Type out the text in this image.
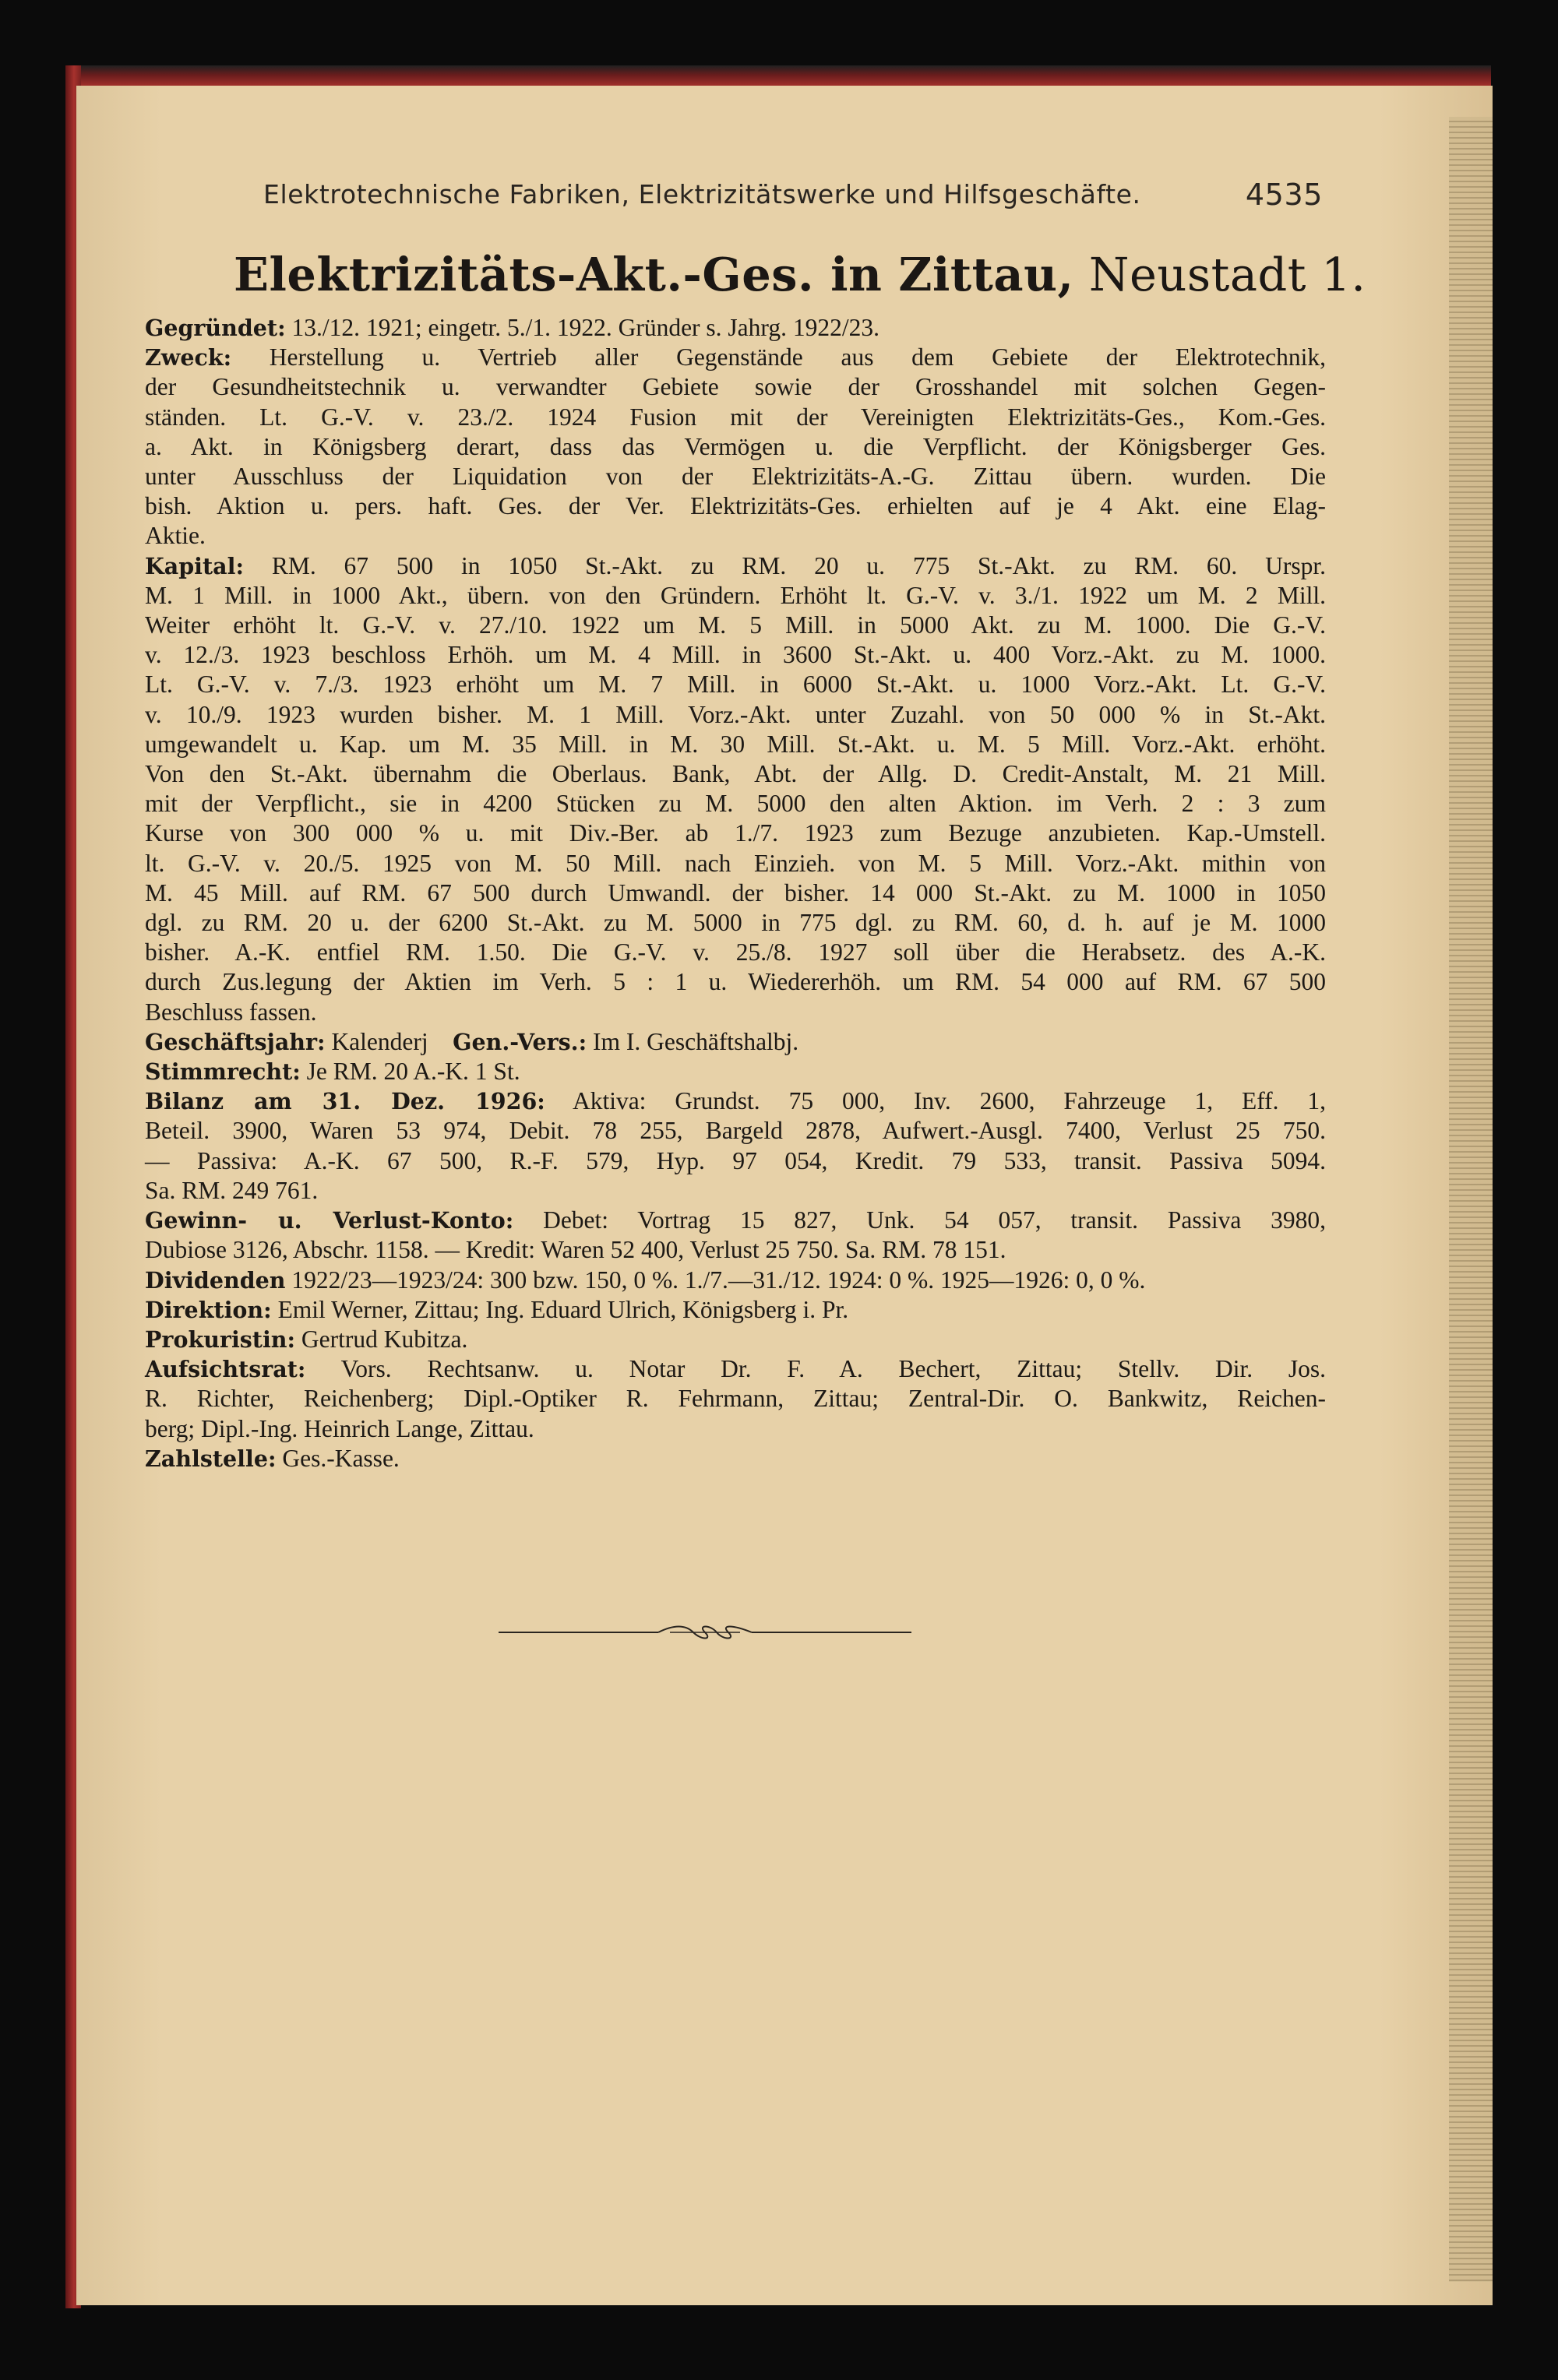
Elektrotechnische Fabriken, Elektrizitätswerke und Hilfsgeschäfte.	4535
Elektrizitäts-Akt.-Ges. in Zittau, Neustadt 1.
Gegründet: 13./12. 1921; eingetr. 5./1. 1922. Gründer s. Jahrg. 1922/23.
Zweck: Herstellung u. Vertrieb aller Gegenstände aus dem Gebiete der Elektrotechnik,
der Gesundheitstechnik u. verwandter Gebiete sowie der Grosshandel mit solchen Gegen-
ständen. Lt. G.-V. v. 23./2. 1924 Fusion mit der Vereinigten Elektrizitäts-Ges., Kom.-Ges.
a. Akt. in Königsberg derart, dass das Vermögen u. die Verpflicht. der Königsberger Ges.
unter Ausschluss der Liquidation von der Elektrizitäts-A.-G. Zittau übern. wurden. Die
bish. Aktion u. pers. haft. Ges. der Ver. Elektrizitäts-Ges. erhielten auf je 4 Akt. eine Elag-
Aktie.
Kapital: RM. 67 500 in 1050 St.-Akt. zu RM. 20 u. 775 St.-Akt. zu RM. 60. Urspr.
M. 1 Mill. in 1000 Akt., übern. von den Gründern. Erhöht lt. G.-V. v. 3./1. 1922 um M. 2 Mill.
Weiter erhöht lt. G.-V. v. 27./10. 1922 um M. 5 Mill. in 5000 Akt. zu M. 1000. Die G.-V.
v. 12./3. 1923 beschloss Erhöh. um M. 4 Mill. in 3600 St.-Akt. u. 400 Vorz.-Akt. zu M. 1000.
Lt. G.-V. v. 7./3. 1923 erhöht um M. 7 Mill. in 6000 St.-Akt. u. 1000 Vorz.-Akt. Lt. G.-V.
v. 10./9. 1923 wurden bisher. M. 1 Mill. Vorz.-Akt. unter Zuzahl. von 50 000 % in St.-Akt.
umgewandelt u. Kap. um M. 35 Mill. in M. 30 Mill. St.-Akt. u. M. 5 Mill. Vorz.-Akt. erhöht.
Von den St.-Akt. übernahm die Oberlaus. Bank, Abt. der Allg. D. Credit-Anstalt, M. 21 Mill.
mit der Verpflicht., sie in 4200 Stücken zu M. 5000 den alten Aktion. im Verh. 2 : 3 zum
Kurse von 300 000 % u. mit Div.-Ber. ab 1./7. 1923 zum Bezuge anzubieten. Kap.-Umstell.
lt. G.-V. v. 20./5. 1925 von M. 50 Mill. nach Einzieh. von M. 5 Mill. Vorz.-Akt. mithin von
M. 45 Mill. auf RM. 67 500 durch Umwandl. der bisher. 14 000 St.-Akt. zu M. 1000 in 1050
dgl. zu RM. 20 u. der 6200 St.-Akt. zu M. 5000 in 775 dgl. zu RM. 60, d. h. auf je M. 1000
bisher. A.-K. entfiel RM. 1.50. Die G.-V. v. 25./8. 1927 soll über die Herabsetz. des A.-K.
durch Zus.legung der Aktien im Verh. 5 : 1 u. Wiedererhöh. um RM. 54 000 auf RM. 67 500
Beschluss fassen.
Geschäftsjahr: Kalenderj Gen.-Vers.: Im I. Geschäftshalbj.
Stimmrecht: Je RM. 20 A.-K. 1 St.
Bilanz am 31. Dez. 1926: Aktiva: Grundst. 75 000, Inv. 2600, Fahrzeuge 1, Eff. 1,
Beteil. 3900, Waren 53 974, Debit. 78 255, Bargeld 2878, Aufwert.-Ausgl. 7400, Verlust 25 750.
— Passiva: A.-K. 67 500, R.-F. 579, Hyp. 97 054, Kredit. 79 533, transit. Passiva 5094.
Sa. RM. 249 761.
Gewinn- u. Verlust-Konto: Debet: Vortrag 15 827, Unk. 54 057, transit. Passiva 3980,
Dubiose 3126, Abschr. 1158. — Kredit: Waren 52 400, Verlust 25 750. Sa. RM. 78 151.
Dividenden 1922/23—1923/24: 300 bzw. 150, 0 %. 1./7.—31./12. 1924: 0 %. 1925—1926: 0, 0 %.
Direktion: Emil Werner, Zittau; Ing. Eduard Ulrich, Königsberg i. Pr.
Prokuristin: Gertrud Kubitza.
Aufsichtsrat: Vors. Rechtsanw. u. Notar Dr. F. A. Bechert, Zittau; Stellv. Dir. Jos.
R. Richter, Reichenberg; Dipl.-Optiker R. Fehrmann, Zittau; Zentral-Dir. O. Bankwitz, Reichen-
berg; Dipl.-Ing. Heinrich Lange, Zittau.
Zahlstelle: Ges.-Kasse.
